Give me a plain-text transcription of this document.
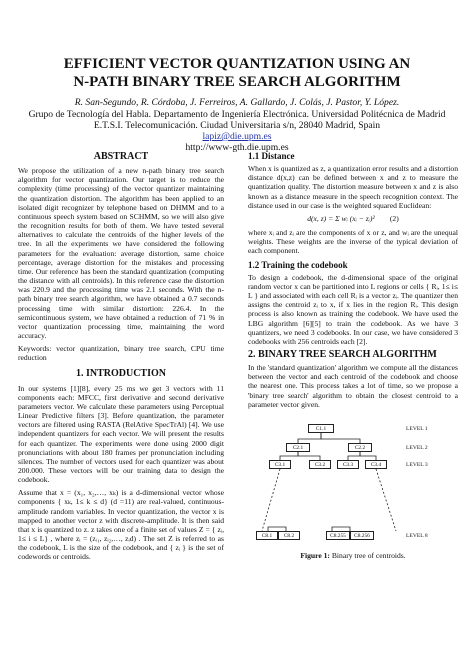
EFFICIENT VECTOR QUANTIZATION USING AN
N-PATH BINARY TREE SEARCH ALGORITHM
R. San-Segundo, R. Córdoba, J. Ferreiros, A. Gallardo, J. Colás, J. Pastor, Y. López.
Grupo de Tecnología del Habla. Departamento de Ingeniería Electrónica. Universidad Politécnica de Madrid
E.T.S.I. Telecomunicación. Ciudad Universitaria s/n, 28040 Madrid, Spain
lapiz@die.upm.es
http://www-gth.die.upm.es
ABSTRACT

We propose the utilization of a new n-path binary tree search algorithm for vector quantization. Our target is to reduce the complexity (time processing) of the vector quantizer maintaining the quantization distortion. The algorithm has been applied to an isolated digit recognizer by telephone based on DHMM and to a continuous speech system based on SCHMM, so we will also give the recognition results for both of them. We have tested several alternatives to calculate the centroids of the higher levels of the tree. In all the experiments we have considered the following parameters for the evaluation: average distortion, same choice percentage, average distortion for the mistakes and processing time. Our reference has been the standard quantization (computing the distance with all centroids). In this reference case the distortion was 220.9 and the processing time was 2.1 seconds. With the n-path binary tree search algorithm, we have obtained a 0.7 seconds processing time with similar distortion: 226.4. In the semicontinuous system, we have obtained a reduction of 71 % in vector quantization processing time, maintaining the word accuracy.

Keywords: vector quantization, binary tree search, CPU time reduction

1. INTRODUCTION

In our systems [1][8], every 25 ms we get 3 vectors with 11 components each: MFCC, first derivative and second derivative parameters vector. We calculate these parameters using Perceptual Linear Predictive filters [3]. Before quantization, the parameter vectors are filtered using RASTA (RelAtive SpecTrAl) [4]. We use independent quantizers for each vector. We will present the results for each quantizer. The experiments were done using 2000 digit pronunciations with about 180 frames per pronunciation including silences. The number of vectors used for each quantizer was about 200.000. These vectors will be our training data to design the codebook.

Assume that x = (x₁, x₂,…, xₖ) is a d-dimensional vector whose components { xₖ, 1≤ k ≤ d} (d =11) are real-valued, continuous-amplitude random variables. In vector quantization, the vector x is mapped to another vector z with discrete-amplitude. It is then said that x is quantized to z. z takes one of a finite set of values Z = { zᵢ, 1≤ i ≤ L} , where zᵢ = (zᵢ₁, zᵢ₂,…, zᵢd) . The set Z is referred to as the codebook, L is the size of the codebook, and { zᵢ } is the set of codewords or centroids.

1.1 Distance

When x is quantized as z, a quantization error results and a distortion distance d(x,z) can be defined between x and z to measure the quantization quality. The distortion measure between x and z is also known as a distance measure in the speech recognition context. The distance used in our case is the weighted squared Euclidean:

d(x, z) = Σ wᵢ (xᵢ − zᵢ)² (2)

where xᵢ and zᵢ are the components of x or z, and wᵢ are the unequal weights. These weights are the inverse of the typical deviation of each component.

1.2 Training the codebook

To design a codebook, the d-dimensional space of the original random vector x can be partitioned into L regions or cells { Rᵢ, 1≤ i≤ L } and associated with each cell Rᵢ is a vector zᵢ. The quantizer then assigns the centroid zᵢ to x, if x lies in the region Rᵢ. This design process is also known as training the codebook. We have used the LBG algorithm [6][5] to train the codebook. As we have 3 quantizers, we need 3 codebooks. In our case, we have considered 3 codebooks with 256 centroids each [2].

2. BINARY TREE SEARCH ALGORITHM

In the 'standard quantization' algorithm we compute all the distances between the vector and each centroid of the codebook and choose the nearest one. This process takes a lot of time, so we propose a 'binary tree search' algorithm to obtain the closest centroid to a parameter vector given.

C1.1
C2.1	C2.2
C3.1	C3.2	C3.3	C3.4
C8.1	C8.2	C8.255	C8.256
LEVEL 1
LEVEL 2
LEVEL 3
LEVEL 8
Figure 1: Binary tree of centroids.
